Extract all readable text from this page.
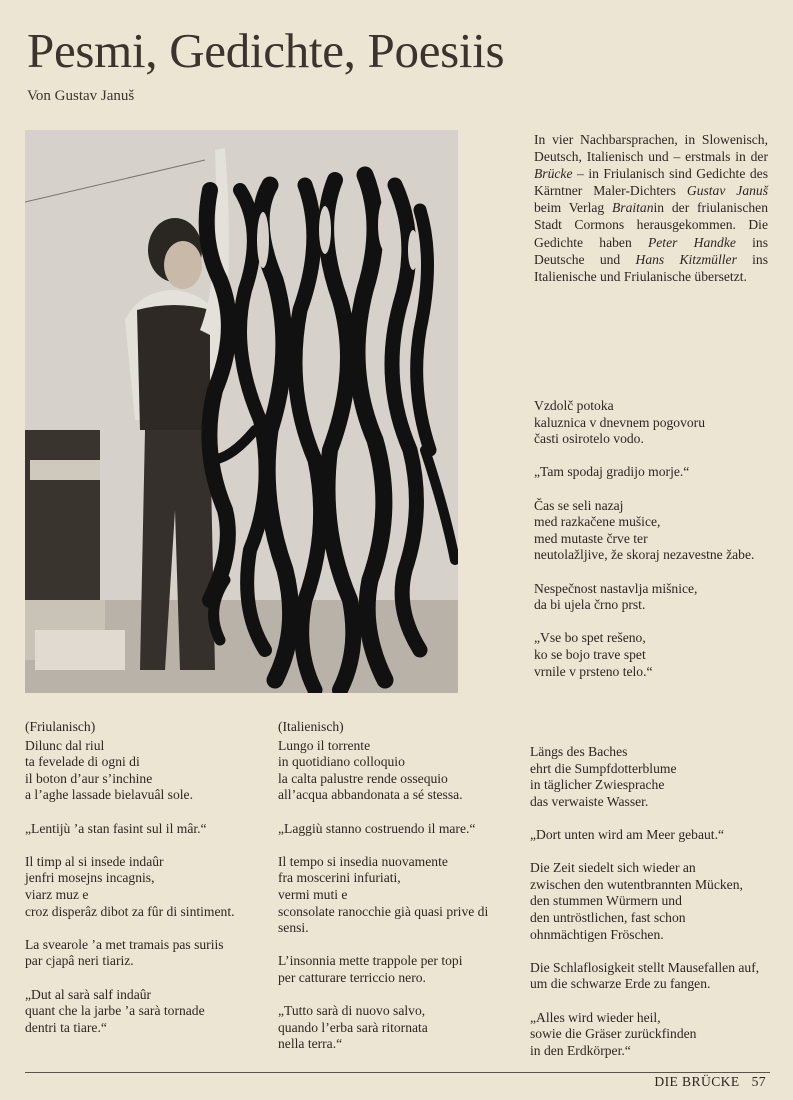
Pesmi, Gedichte, Poesiis
Von Gustav Januš

In vier Nachbarsprachen, in Slowenisch, Deutsch, Italienisch und – erstmals in der Brücke – in Friulanisch sind Gedichte des Kärntner Maler-Dichters Gustav Januš beim Verlag Braitanin der friulanischen Stadt Cormons herausgekommen. Die Gedichte haben Peter Handke ins Deutsche und Hans Kitzmüller ins Italienische und Friulanische übersetzt.

Vzdolč potoka
kaluznica v dnevnem pogovoru
časti osirotelo vodo.
„Tam spodaj gradijo morje.“
Čas se seli nazaj
med razkačene mušice,
med mutaste črve ter
neutolažljive, že skoraj nezavestne žabe.
Nespečnost nastavlja mišnice,
da bi ujela črno prst.
„Vse bo spet rešeno,
ko se bojo trave spet
vrnile v prsteno telo.“
(Friulanisch)
Dilunc dal riul
ta fevelade di ogni di
il boton d’aur s’inchine
a l’aghe lassade bielavuâl sole.
„Lentijù ’a stan fasint sul il mâr.“
Il timp al si insede indaûr
jenfri mosejns incagnis,
viarz muz e
croz disperâz dibot za fûr di sintiment.
La svearole ’a met tramais pas suriis
par cjapâ neri tiariz.
„Dut al sarà salf indaûr
quant che la jarbe ’a sarà tornade
dentri ta tiare.“
(Italienisch)
Lungo il torrente
in quotidiano colloquio
la calta palustre rende ossequio
all’acqua abbandonata a sé stessa.
„Laggiù stanno costruendo il mare.“
Il tempo si insedia nuovamente
fra moscerini infuriati,
vermi muti e
sconsolate ranocchie già quasi prive di sensi.
L’insonnia mette trappole per topi
per catturare terriccio nero.
„Tutto sarà di nuovo salvo,
quando l’erba sarà ritornata
nella terra.“
Längs des Baches
ehrt die Sumpfdotterblume
in täglicher Zwiesprache
das verwaiste Wasser.
„Dort unten wird am Meer gebaut.“
Die Zeit siedelt sich wieder an
zwischen den wutentbrannten Mücken,
den stummen Würmern und
den untröstlichen, fast schon
ohnmächtigen Fröschen.
Die Schlaflosigkeit stellt Mausefallen auf,
um die schwarze Erde zu fangen.
„Alles wird wieder heil,
sowie die Gräser zurückfinden
in den Erdkörper.“
DIE BRÜCKE 57
